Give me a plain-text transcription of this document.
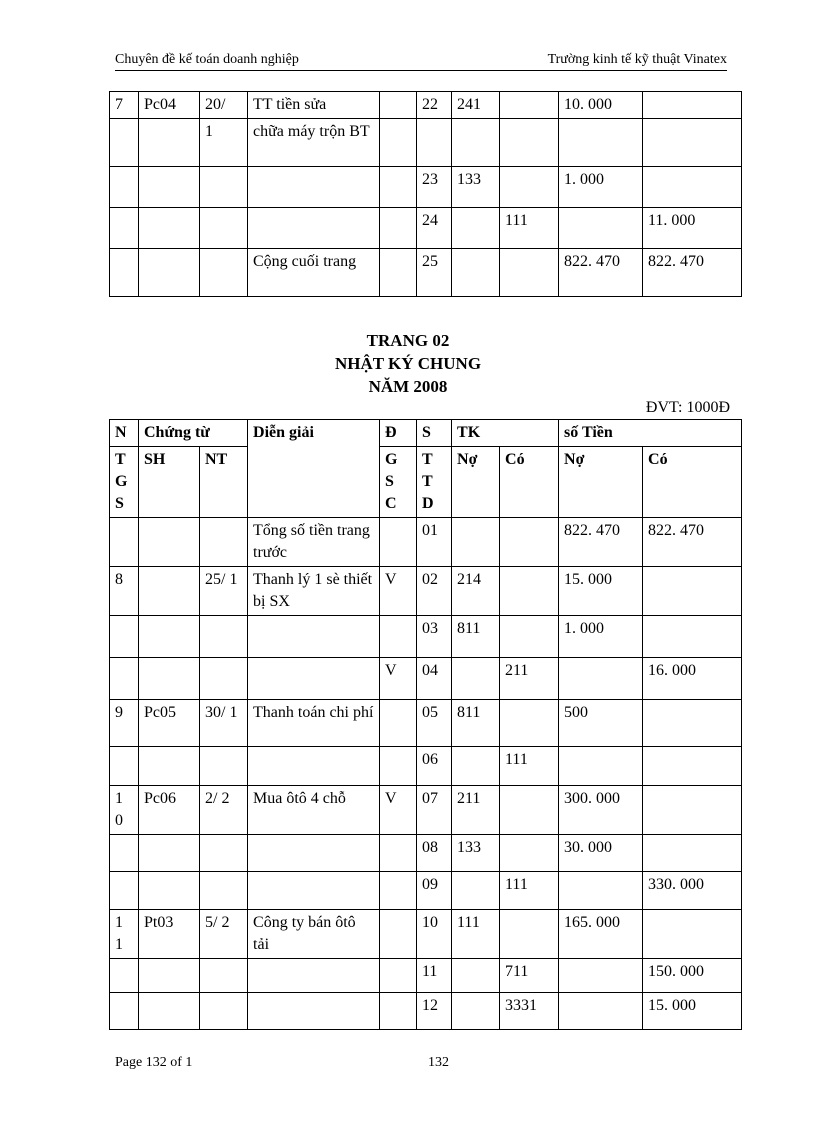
Chuyên đề kế toán doanh nghiệp	Trường kinh tế kỹ thuật Vinatex
7	Pc04	20/	TT tiền sửa		22	241		10. 000	
		1	chữa máy trộn BT						
					23	133		1. 000	
					24		111		11. 000
			Cộng cuối trang		25			822. 470	822. 470
TRANG 02
NHẬT KÝ CHUNG
NĂM 2008
ĐVT: 1000Đ
N	Chứng từ		Diễn giải	Đ	S	TK		số Tiền	

T G S	SH	NT		G S C	T T D	Nợ	Có	Nợ	Có
			Tổng số tiền trang trước		01			822. 470	822. 470
8		25/ 1	Thanh lý 1 sè thiết bị SX	V	02	214		15. 000	
					03	811		1. 000	
				V	04		211		16. 000
9	Pc05	30/ 1	Thanh toán chi phí		05	811		500	
					06		111		
1 0	Pc06	2/ 2	Mua ôtô 4 chỗ	V	07	211		300. 000	
					08	133		30. 000	
					09		111		330. 000
1 1	Pt03	5/ 2	Công ty bán ôtô tải		10	111		165. 000	
					11		711		150. 000
					12		3331		15. 000
Page 132 of 1	132
